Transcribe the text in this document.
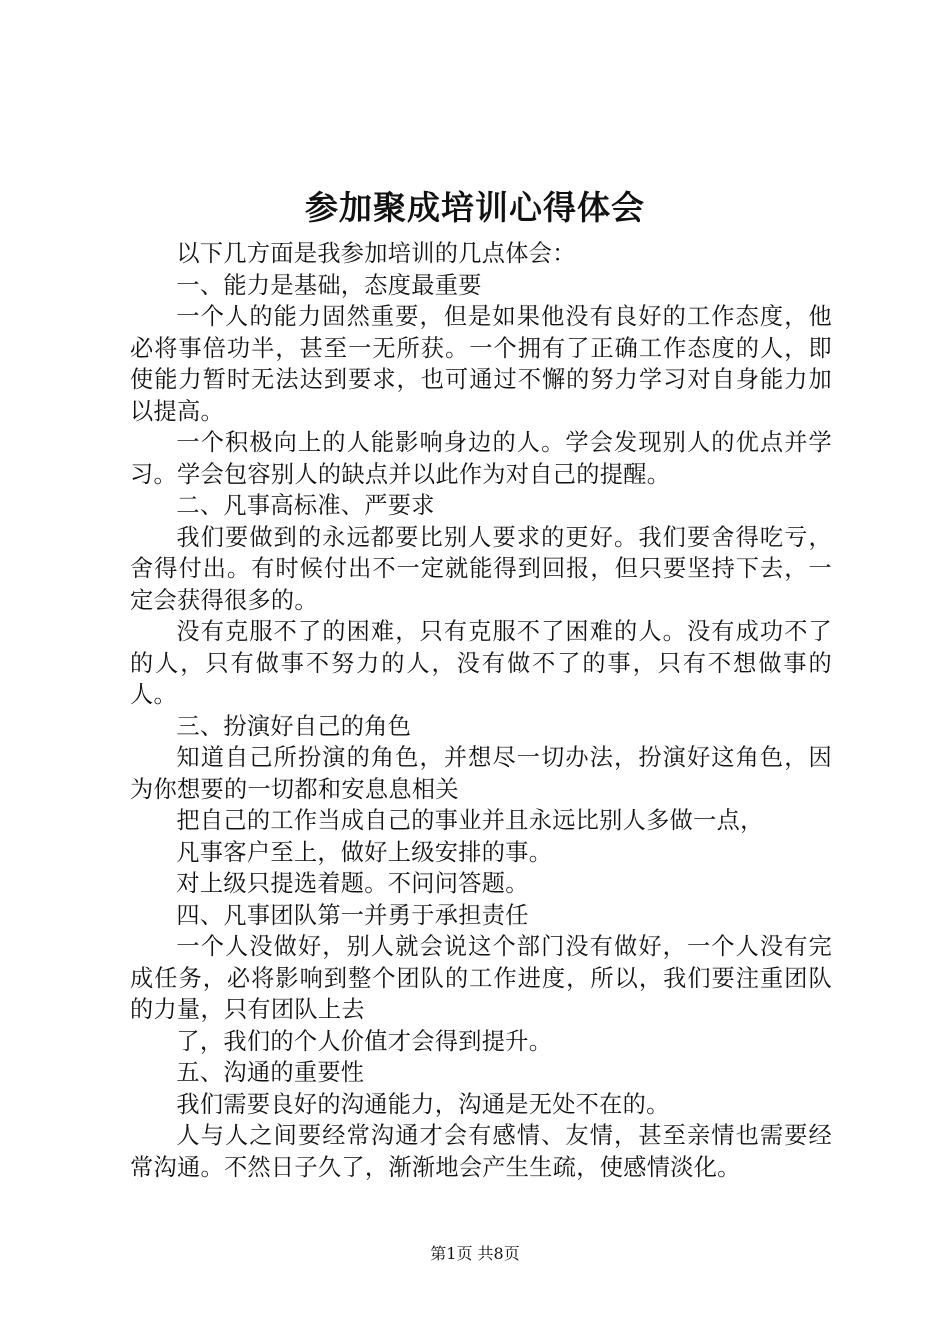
参加聚成培训心得体会

以下几方面是我参加培训的几点体会：

一、能力是基础，态度最重要

一个人的能力固然重要，但是如果他没有良好的工作态度，他必将事倍功半，甚至一无所获。一个拥有了正确工作态度的人，即使能力暂时无法达到要求，也可通过不懈的努力学习对自身能力加以提高。

一个积极向上的人能影响身边的人。学会发现别人的优点并学习。学会包容别人的缺点并以此作为对自己的提醒。

二、凡事高标准、严要求

我们要做到的永远都要比别人要求的更好。我们要舍得吃亏，舍得付出。有时候付出不一定就能得到回报，但只要坚持下去，一定会获得很多的。

没有克服不了的困难，只有克服不了困难的人。没有成功不了的人，只有做事不努力的人，没有做不了的事，只有不想做事的人。

三、扮演好自己的角色

知道自己所扮演的角色，并想尽一切办法，扮演好这角色，因为你想要的一切都和安息息相关

把自己的工作当成自己的事业并且永远比别人多做一点，

凡事客户至上，做好上级安排的事。

对上级只提选着题。不问问答题。

四、凡事团队第一并勇于承担责任

一个人没做好，别人就会说这个部门没有做好，一个人没有完成任务，必将影响到整个团队的工作进度，所以，我们要注重团队的力量，只有团队上去

了，我们的个人价值才会得到提升。

五、沟通的重要性

我们需要良好的沟通能力，沟通是无处不在的。

人与人之间要经常沟通才会有感情、友情，甚至亲情也需要经常沟通。不然日子久了，渐渐地会产生生疏，使感情淡化。

第1页 共8页
